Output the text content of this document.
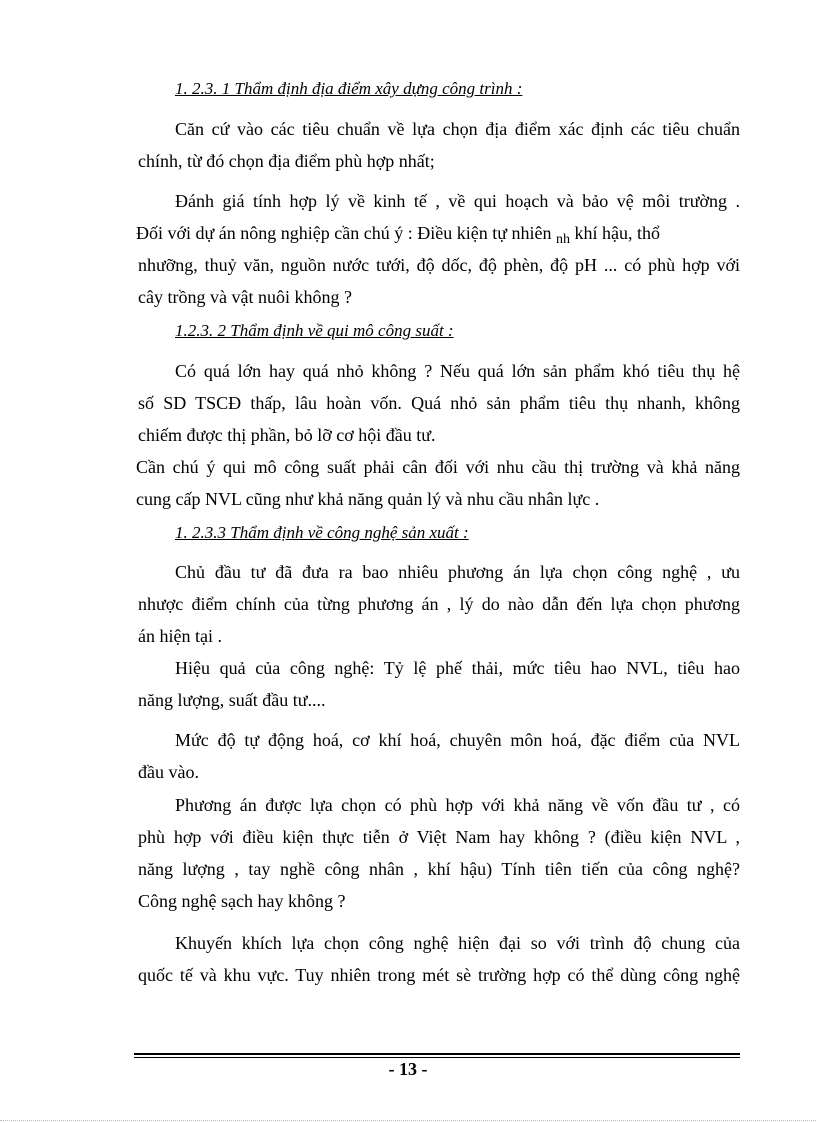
1. 2.3. 1 Thẩm định địa điểm xây dựng công trình :
Căn cứ vào các tiêu chuẩn về lựa chọn địa điểm xác định các tiêu chuẩn
chính, từ đó chọn địa điểm phù hợp nhất;
Đánh giá tính hợp lý về kinh tế , về qui hoạch và bảo vệ môi trường .
Đối với dự án nông nghiệp cần chú ý : Điều kiện tự nhiên $_{nh}$ khí hậu, thổ
nhưỡng, thuỷ văn, nguồn nước tưới, độ dốc, độ phèn, độ pH ... có phù hợp với
cây trồng và vật nuôi không ?
1.2.3. 2 Thẩm định về qui mô công suất :
Có quá lớn hay quá nhỏ không ? Nếu quá lớn sản phẩm khó tiêu thụ hệ
số SD TSCĐ thấp, lâu hoàn vốn. Quá nhỏ sản phẩm tiêu thụ nhanh, không
chiếm được thị phần, bỏ lỡ cơ hội đầu tư.
Cần chú ý qui mô công suất phải cân đối với nhu cầu thị trường và khả năng
cung cấp NVL cũng như khả năng quản lý và nhu cầu nhân lực .
1. 2.3.3 Thẩm định về công nghệ sản xuất :
Chủ đầu tư đã đưa ra bao nhiêu phương án lựa chọn công nghệ , ưu
nhược điểm chính của từng phương án , lý do nào dẫn đến lựa chọn phương
án hiện tại .
Hiệu quả của công nghệ: Tỷ lệ phế thải, mức tiêu hao NVL, tiêu hao
năng lượng, suất đầu tư....
Mức độ tự động hoá, cơ khí hoá, chuyên môn hoá, đặc điểm của NVL
đầu vào.
Phương án được lựa chọn có phù hợp với khả năng về vốn đầu tư , có
phù hợp với điều kiện thực tiễn ở Việt Nam hay không ? (điều kiện NVL ,
năng lượng , tay nghề công nhân , khí hậu) Tính tiên tiến của công nghệ?
Công nghệ sạch hay không ?
Khuyến khích lựa chọn công nghệ hiện đại so với trình độ chung của
quốc tế và khu vực. Tuy nhiên trong mét sè trường hợp có thể dùng công nghệ
- 13 -
